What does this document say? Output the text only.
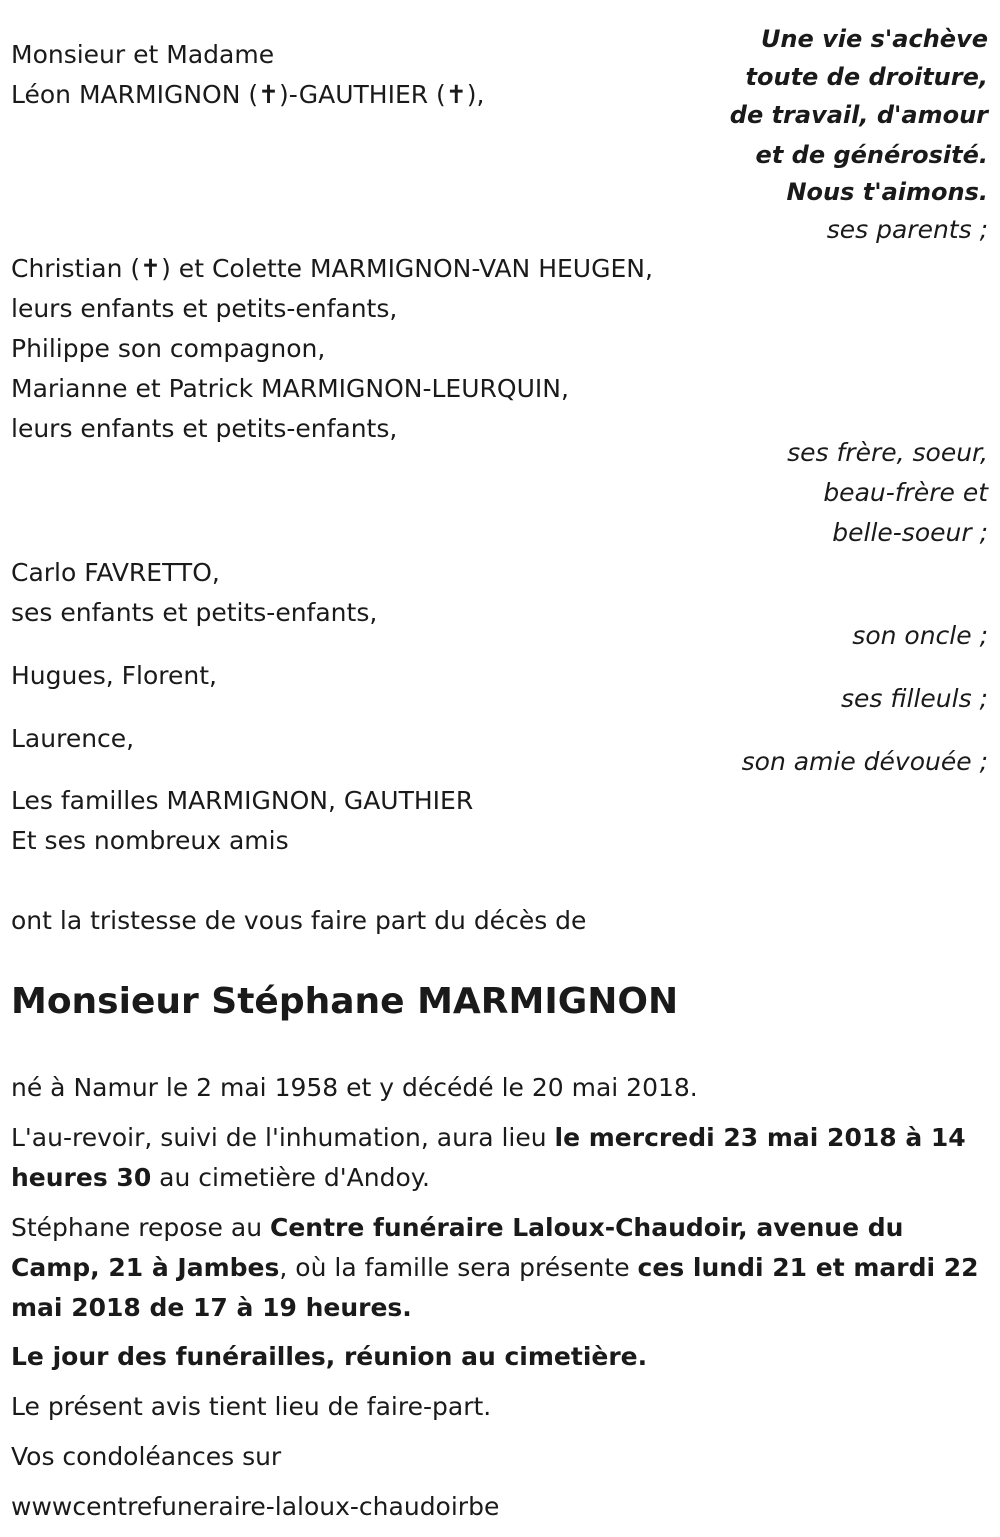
Une vie s'achève

toute de droiture,

de travail, d'amour

et de générosité.

Nous t'aimons.

Monsieur et Madame

Léon MARMIGNON (✝)-GAUTHIER (✝),

ses parents ;

Christian (✝) et Colette MARMIGNON-VAN HEUGEN,

leurs enfants et petits-enfants,

Philippe son compagnon,

Marianne et Patrick MARMIGNON-LEURQUIN,

leurs enfants et petits-enfants,

ses frère, soeur,

beau-frère et

belle-soeur ;

Carlo FAVRETTO,

ses enfants et petits-enfants,

son oncle ;

Hugues, Florent,

ses filleuls ;

Laurence,

son amie dévouée ;

Les familles MARMIGNON, GAUTHIER

Et ses nombreux amis

ont la tristesse de vous faire part du décès de

Monsieur Stéphane MARMIGNON

né à Namur le 2 mai 1958 et y décédé le 20 mai 2018.

L'au-revoir, suivi de l'inhumation, aura lieu le mercredi 23 mai 2018 à 14 heures 30 au cimetière d'Andoy.

Stéphane repose au Centre funéraire Laloux-Chaudoir, avenue du Camp, 21 à Jambes, où la famille sera présente ces lundi 21 et mardi 22 mai 2018 de 17 à 19 heures.

Le jour des funérailles, réunion au cimetière.

Le présent avis tient lieu de faire-part.

Vos condoléances sur

wwwcentrefuneraire-laloux-chaudoirbe
